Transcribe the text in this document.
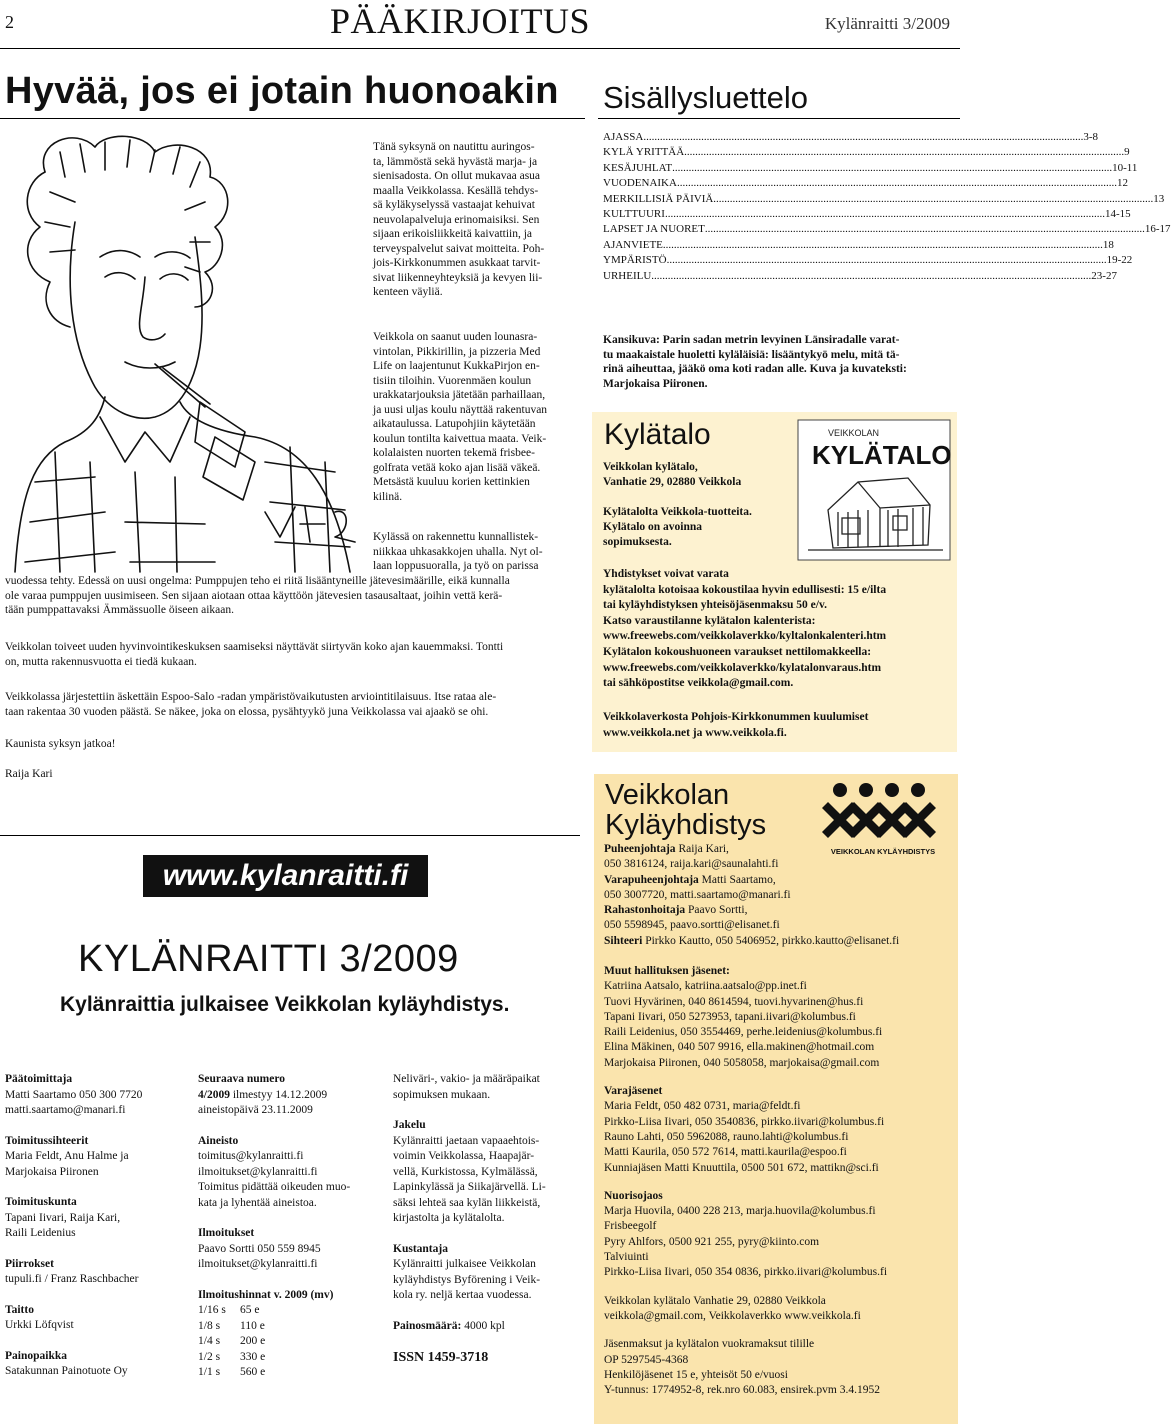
2	PÄÄKIRJOITUS	Kylänraitti 3/2009
Hyvää, jos ei jotain huonoakin Sisällysluettelo
Tänä syksynä on nautittu auringos-
ta, lämmöstä sekä hyvästä marja- ja
sienisadosta. On ollut mukavaa asua
maalla Veikkolassa. Kesällä tehdys-
sä kyläkyselyssä vastaajat kehuivat
neuvolapalveluja erinomaisiksi. Sen
sijaan erikoisliikkeitä kaivattiin, ja
terveyspalvelut saivat moitteita. Poh-
jois-Kirkkonummen asukkaat tarvit-
sivat liikenneyhteyksiä ja kevyen lii-
kenteen väyliä.
Veikkola on saanut uuden lounasra-
vintolan, Pikkirillin, ja pizzeria Med
Life on laajentunut KukkaPirjon en-
tisiin tiloihin. Vuorenmäen koulun
urakkatarjouksia jätetään parhaillaan,
ja uusi uljas koulu näyttää rakentuvan
aikataulussa. Latupohjiin käytetään
koulun tontilta kaivettua maata. Veik-
kolalaisten nuorten tekemä frisbee-
golfrata vetää koko ajan lisää väkeä.
Metsästä kuuluu korien kettinkien
kilinä.
Kylässä on rakennettu kunnallistek-
niikkaa uhkasakkojen uhalla. Nyt ol-
laan loppusuoralla, ja työ on parissa
vuodessa tehty. Edessä on uusi ongelma: Pumppujen teho ei riitä lisääntyneille jätevesimäärille, eikä kunnalla
ole varaa pumppujen uusimiseen. Sen sijaan aiotaan ottaa käyttöön jätevesien tasausaltaat, joihin vettä kerä-
tään pumppattavaksi Ämmässuolle öiseen aikaan.
Veikkolan toiveet uuden hyvinvointikeskuksen saamiseksi näyttävät siirtyvän koko ajan kauemmaksi. Tontti
on, mutta rakennusvuotta ei tiedä kukaan.
Veikkolassa järjestettiin äskettäin Espoo-Salo -radan ympäristövaikutusten arviointitilaisuus. Itse rataa ale-
taan rakentaa 30 vuoden päästä. Se näkee, joka on elossa, pysähtyykö juna Veikkolassa vai ajaakö se ohi.
Kaunista syksyn jatkoa!
Raija Kari
AJASSA ................................................................................................................................................................ 3-8
KYLÄ YRITTÄÄ ................................................................................................................................................................ 9
KESÄJUHLAT ................................................................................................................................................................ 10-11
VUODENAIKA ................................................................................................................................................................ 12
MERKILLISIÄ PÄIVIÄ ................................................................................................................................................................ 13
KULTTUURI ................................................................................................................................................................ 14-15
LAPSET JA NUORET ................................................................................................................................................................ 16-17
AJANVIETE ................................................................................................................................................................ 18
YMPÄRISTÖ ................................................................................................................................................................ 19-22
URHEILU ................................................................................................................................................................ 23-27
Kansikuva: Parin sadan metrin levyinen Länsiradalle varat-
tu maakaistale huoletti kyläläisiä: lisääntykyö melu, mitä tä-
rinä aiheuttaa, jääkö oma koti radan alle. Kuva ja kuvateksti:
Marjokaisa Piironen.
Kylätalo	VEIKKOLAN
KYLÄTALO
Veikkolan kylätalo,
Vanhatie 29, 02880 Veikkola
Kylätalolta Veikkola-tuotteita.
Kylätalo on avoinna
sopimuksesta.
Yhdistykset voivat varata
kylätalolta kotoisaa kokoustilaa hyvin edullisesti: 15 e/ilta
tai kyläyhdistyksen yhteisöjäsenmaksu 50 e/v.
Katso varaustilanne kylätalon kalenterista:
www.freewebs.com/veikkolaverkko/kyltalonkalenteri.htm
Kylätalon kokoushuoneen varaukset nettilomakkeella:
www.freewebs.com/veikkolaverkko/kylatalonvaraus.htm
tai sähköpostitse veikkola@gmail.com.
Veikkolaverkosta Pohjois-Kirkkonummen kuulumiset
www.veikkola.net ja www.veikkola.fi.
www.kylanraitti.fi
KYLÄNRAITTI 3/2009
Kylänraittia julkaisee Veikkolan kyläyhdistys.
Päätoimittaja
Matti Saartamo 050 300 7720
matti.saartamo@manari.fi
Toimitussihteerit
Maria Feldt, Anu Halme ja
Marjokaisa Piironen
Toimituskunta
Tapani Iivari, Raija Kari,
Raili Leidenius
Piirrokset
tupuli.fi / Franz Raschbacher
Taitto
Urkki Löfqvist
Painopaikka
Satakunnan Painotuote Oy
Seuraava numero
4/2009 ilmestyy 14.12.2009
aineistopäivä 23.11.2009
Aineisto
toimitus@kylanraitti.fi
ilmoitukset@kylanraitti.fi
Toimitus pidättää oikeuden muo-
kata ja lyhentää aineistoa.
Ilmoitukset
Paavo Sortti 050 559 8945
ilmoitukset@kylanraitti.fi
Ilmoitushinnat v. 2009 (mv)
1/16 s	65 e
1/8 s	110 e
1/4 s	200 e
1/2 s	330 e
1/1 s	560 e
Neliväri-, vakio- ja määräpaikat
sopimuksen mukaan.
Jakelu
Kylänraitti jaetaan vapaaehtois-
voimin Veikkolassa, Haapajär-
vellä, Kurkistossa, Kylmälässä,
Lapinkylässä ja Siikajärvellä. Li-
säksi lehteä saa kylän liikkeistä,
kirjastolta ja kylätalolta.
Kustantaja
Kylänraitti julkaisee Veikkolan
kyläyhdistys Byförening i Veik-
kola ry. neljä kertaa vuodessa.
Painosmäärä: 4000 kpl
ISSN 1459-3718
Veikkolan
Kyläyhdistys
VEIKKOLAN KYLÄYHDISTYS
Puheenjohtaja Raija Kari,
050 3816124, raija.kari@saunalahti.fi
Varapuheenjohtaja Matti Saartamo,
050 3007720, matti.saartamo@manari.fi
Rahastonhoitaja Paavo Sortti,
050 5598945, paavo.sortti@elisanet.fi
Sihteeri Pirkko Kautto, 050 5406952, pirkko.kautto@elisanet.fi
Muut hallituksen jäsenet:
Katriina Aatsalo, katriina.aatsalo@pp.inet.fi
Tuovi Hyvärinen, 040 8614594, tuovi.hyvarinen@hus.fi
Tapani Iivari, 050 5273953, tapani.iivari@kolumbus.fi
Raili Leidenius, 050 3554469, perhe.leidenius@kolumbus.fi
Elina Mäkinen, 040 507 9916, ella.makinen@hotmail.com
Marjokaisa Piironen, 040 5058058, marjokaisa@gmail.com
Varajäsenet
Maria Feldt, 050 482 0731, maria@feldt.fi
Pirkko-Liisa Iivari, 050 3540836, pirkko.iivari@kolumbus.fi
Rauno Lahti, 050 5962088, rauno.lahti@kolumbus.fi
Matti Kaurila, 050 572 7614, matti.kaurila@espoo.fi
Kunniajäsen Matti Knuuttila, 0500 501 672, mattikn@sci.fi
Nuorisojaos
Marja Huovila, 0400 228 213, marja.huovila@kolumbus.fi
Frisbeegolf
Pyry Ahlfors, 0500 921 255, pyry@kiinto.com
Talviuinti
Pirkko-Liisa Iivari, 050 354 0836, pirkko.iivari@kolumbus.fi
Veikkolan kylätalo Vanhatie 29, 02880 Veikkola
veikkola@gmail.com, Veikkolaverkko www.veikkola.fi
Jäsenmaksut ja kylätalon vuokramaksut tilille
OP 5297545-4368
Henkilöjäsenet 15 e, yhteisöt 50 e/vuosi
Y-tunnus: 1774952-8, rek.nro 60.083, ensirek.pvm 3.4.1952
